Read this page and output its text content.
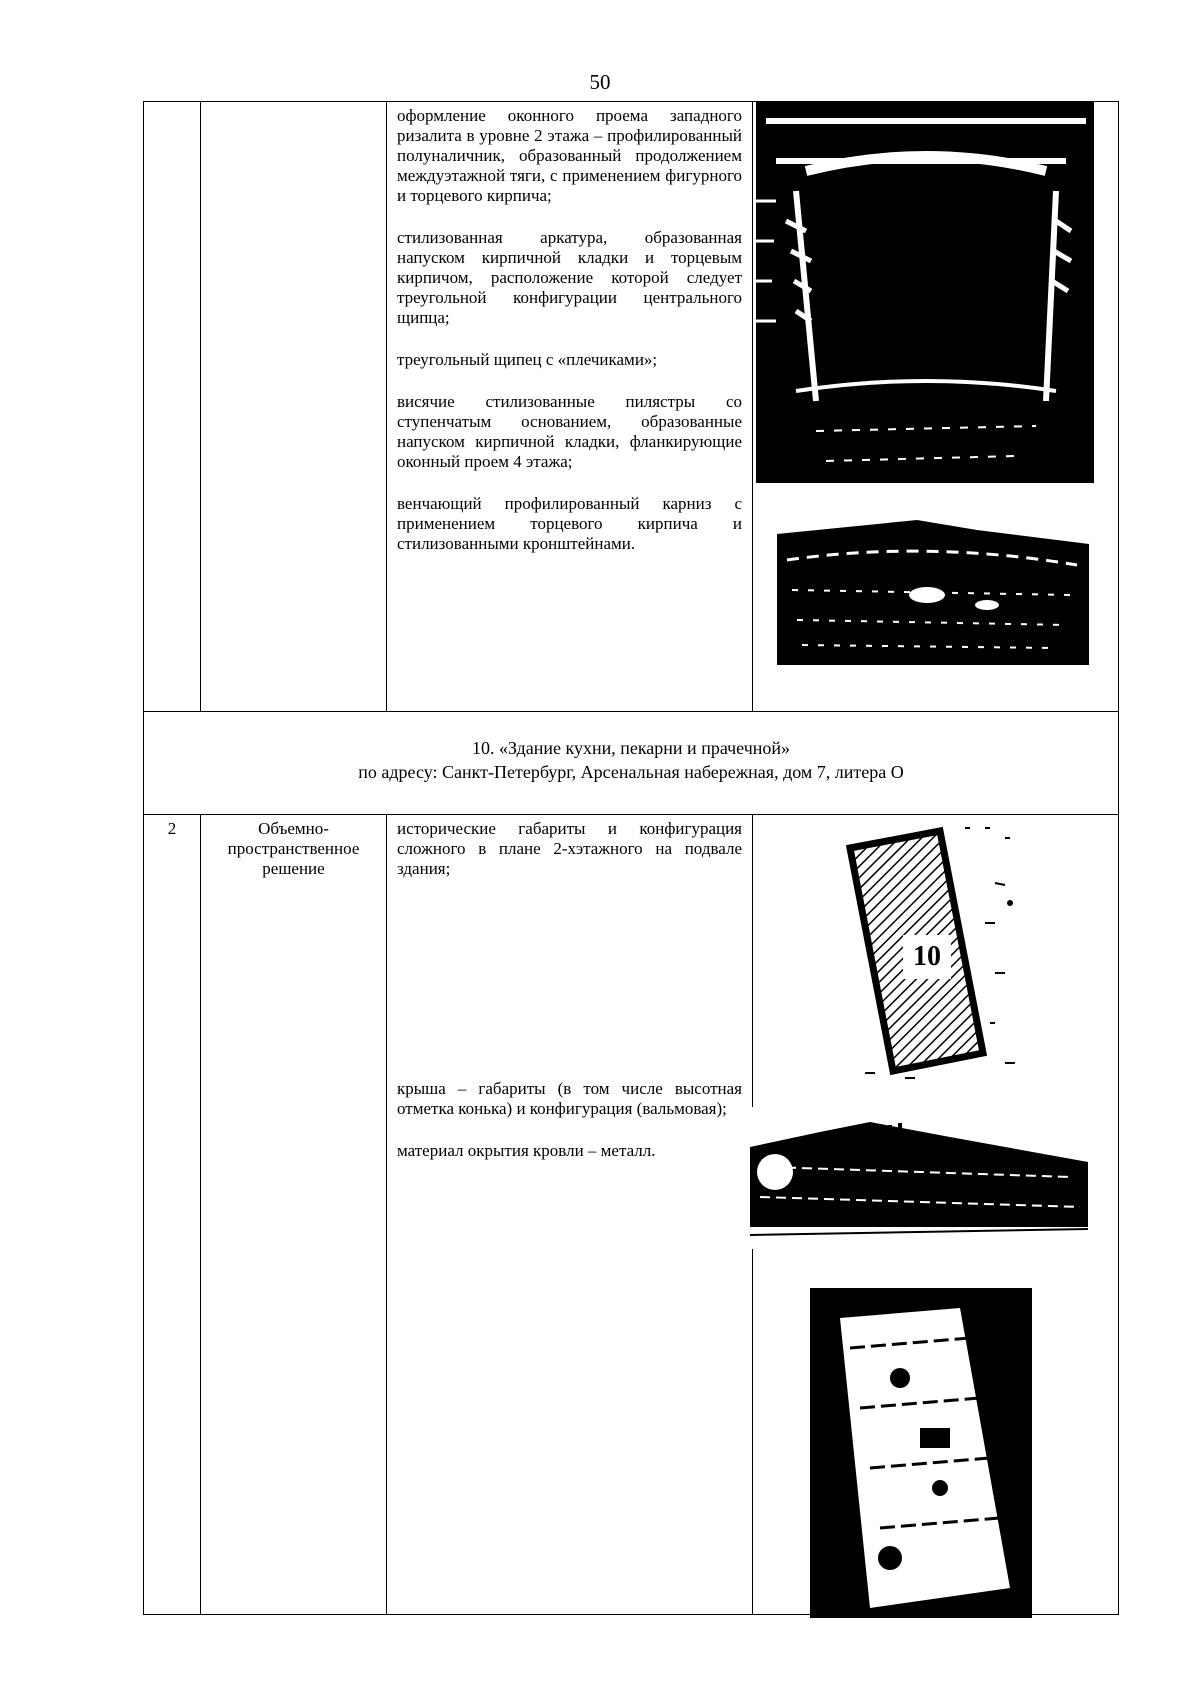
50

		оформление оконного проема западного ризалита в уровне 2 этажа – профилированный полуналичник, образованный продолжением междуэтажной тяги, с применением фигурного и торцевого кирпича;

стилизованная аркатура, образованная напуском кирпичной кладки и торцевым кирпичом, расположение которой следует треугольной конфигурации центрального щипца;

треугольный щипец с «плечиками»;

висячие стилизованные пилястры со ступенчатым основанием, образованные напуском кирпичной кладки, фланкирующие оконный проем 4 этажа;

венчающий профилированный карниз с применением торцевого кирпича и стилизованными кронштейнами.	

10. «Здание кухни, пекарни и прачечной»
по адресу: Санкт-Петербург, Арсенальная набережная, дом 7, литера О			

2	Объемно-пространственное решение	исторические габариты и конфигурация сложного в плане 2-хэтажного на подвале здания;

крыша – габариты (в том числе высотная отметка конька) и конфигурация (вальмовая);

материал окрытия кровли – металл.	

10
